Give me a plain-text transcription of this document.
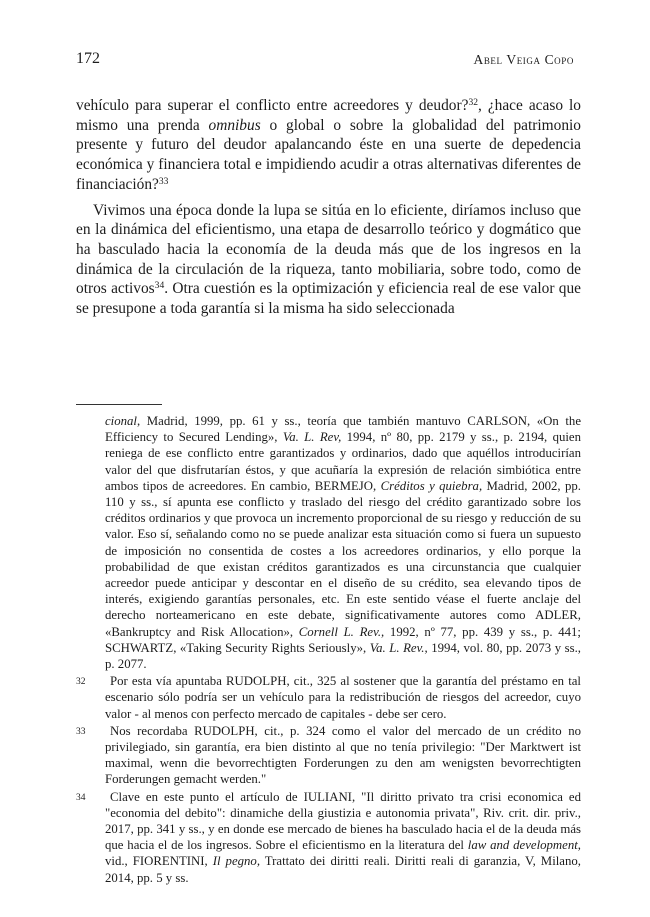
172	Abel Veiga Copo

vehículo para superar el conflicto entre acreedores y deudor?$^{32}$, ¿hace acaso lo mismo una prenda omnibus o global o sobre la globalidad del patrimonio presente y futuro del deudor apalancando éste en una suerte de depedencia económica y financiera total e impidiendo acudir a otras alternativas diferentes de financiación?$^{33}$

Vivimos una época donde la lupa se sitúa en lo eficiente, diríamos incluso que en la dinámica del eficientismo, una etapa de desarrollo teórico y dogmático que ha basculado hacia la economía de la deuda más que de los ingresos en la dinámica de la circulación de la riqueza, tanto mobiliaria, sobre todo, como de otros activos$^{34}$. Otra cuestión es la optimización y eficiencia real de ese valor que se presupone a toda garantía si la misma ha sido seleccionada

cional, Madrid, 1999, pp. 61 y ss., teoría que también mantuvo CARLSON, «On the Efficiency to Secured Lending», Va. L. Rev, 1994, nº 80, pp. 2179 y ss., p. 2194, quien reniega de ese conflicto entre garantizados y ordinarios, dado que aquéllos introducirían valor del que disfrutarían éstos, y que acuñaría la expresión de relación simbiótica entre ambos tipos de acreedores. En cambio, BERMEJO, Créditos y quiebra, Madrid, 2002, pp. 110 y ss., sí apunta ese conflicto y traslado del riesgo del crédito garantizado sobre los créditos ordinarios y que provoca un incremento proporcional de su riesgo y reducción de su valor. Eso sí, señalando como no se puede analizar esta situación como si fuera un supuesto de imposición no consentida de costes a los acreedores ordinarios, y ello porque la probabilidad de que existan créditos garantizados es una circunstancia que cualquier acreedor puede anticipar y descontar en el diseño de su crédito, sea elevando tipos de interés, exigiendo garantías personales, etc. En este sentido véase el fuerte anclaje del derecho norteamericano en este debate, significativamente autores como ADLER, «Bankruptcy and Risk Allocation», Cornell L. Rev., 1992, nº 77, pp. 439 y ss., p. 441; SCHWARTZ, «Taking Security Rights Seriously», Va. L. Rev., 1994, vol. 80, pp. 2073 y ss., p. 2077.
32	Por esta vía apuntaba RUDOLPH, cit., 325 al sostener que la garantía del préstamo en tal escenario sólo podría ser un vehículo para la redistribución de riesgos del acreedor, cuyo valor - al menos con perfecto mercado de capitales - debe ser cero.
33	Nos recordaba RUDOLPH, cit., p. 324 como el valor del mercado de un crédito no privilegiado, sin garantía, era bien distinto al que no tenía privilegio: "Der Marktwert ist maximal, wenn die bevorrechtigten Forderungen zu den am wenigsten bevorrechtigten Forderungen gemacht werden."
34	Clave en este punto el artículo de IULIANI, "Il diritto privato tra crisi economica ed "economia del debito": dinamiche della giustizia e autonomia privata", Riv. crit. dir. priv., 2017, pp. 341 y ss., y en donde ese mercado de bienes ha basculado hacia el de la deuda más que hacia el de los ingresos. Sobre el eficientismo en la literatura del law and development, vid., FIORENTINI, Il pegno, Trattato dei diritti reali. Diritti reali di garanzia, V, Milano, 2014, pp. 5 y ss.
